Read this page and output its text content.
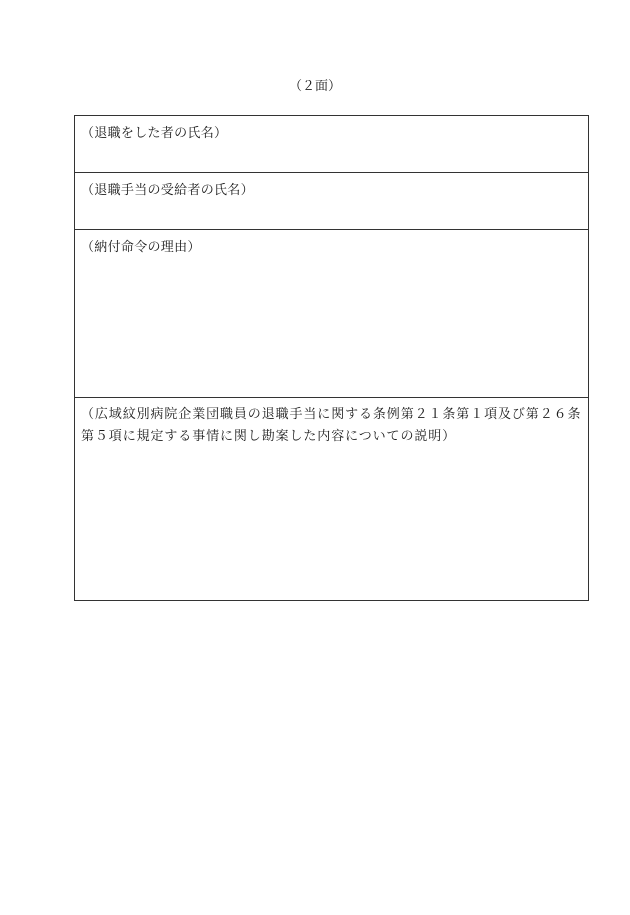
（２面）
（退職をした者の氏名）
（退職手当の受給者の氏名）
（納付命令の理由）
（広域紋別病院企業団職員の退職手当に関する条例第２１条第１項及び第２６条第５項に規定する事情に関し勘案した内容についての説明）
